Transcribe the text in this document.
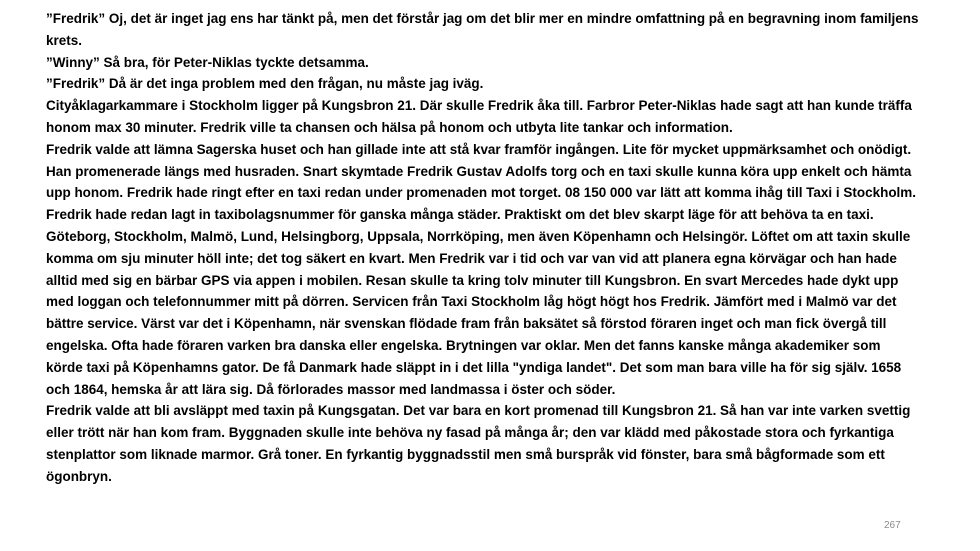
”Fredrik” Oj, det är inget jag ens har tänkt på, men det förstår jag om det blir mer en mindre omfattning på en begravning inom familjens krets.

”Winny” Så bra, för Peter-Niklas tyckte detsamma.

”Fredrik” Då är det inga problem med den frågan, nu måste jag iväg.

Cityåklagarkammare i Stockholm ligger på Kungsbron 21. Där skulle Fredrik åka till. Farbror Peter-Niklas hade sagt att han kunde träffa honom max 30 minuter. Fredrik ville ta chansen och hälsa på honom och utbyta lite tankar och information.

Fredrik valde att lämna Sagerska huset och han gillade inte att stå kvar framför ingången. Lite för mycket uppmärksamhet och onödigt. Han promenerade längs med husraden. Snart skymtade Fredrik Gustav Adolfs torg och en taxi skulle kunna köra upp enkelt och hämta upp honom. Fredrik hade ringt efter en taxi redan under promenaden mot torget. 08 150 000 var lätt att komma ihåg till Taxi i Stockholm. Fredrik hade redan lagt in taxibolagsnummer för ganska många städer. Praktiskt om det blev skarpt läge för att behöva ta en taxi. Göteborg, Stockholm, Malmö, Lund, Helsingborg, Uppsala, Norrköping, men även Köpenhamn och Helsingör. Löftet om att taxin skulle komma om sju minuter höll inte; det tog säkert en kvart. Men Fredrik var i tid och var van vid att planera egna körvägar och han hade alltid med sig en bärbar GPS via appen i mobilen. Resan skulle ta kring tolv minuter till Kungsbron. En svart Mercedes hade dykt upp med loggan och telefonnummer mitt på dörren. Servicen från Taxi Stockholm låg högt högt hos Fredrik. Jämfört med i Malmö var det bättre service. Värst var det i Köpenhamn, när svenskan flödade fram från baksätet så förstod föraren inget och man fick övergå till engelska. Ofta hade föraren varken bra danska eller engelska. Brytningen var oklar. Men det fanns kanske många akademiker som körde taxi på Köpenhamns gator. De få Danmark hade släppt in i det lilla "yndiga landet". Det som man bara ville ha för sig själv. 1658 och 1864, hemska år att lära sig. Då förlorades massor med landmassa i öster och söder.

Fredrik valde att bli avsläppt med taxin på Kungsgatan. Det var bara en kort promenad till Kungsbron 21. Så han var inte varken svettig eller trött när han kom fram. Byggnaden skulle inte behöva ny fasad på många år; den var klädd med påkostade stora och fyrkantiga stenplattor som liknade marmor. Grå toner. En fyrkantig byggnadsstil men små burspråk vid fönster, bara små bågformade som ett ögonbryn.

267
